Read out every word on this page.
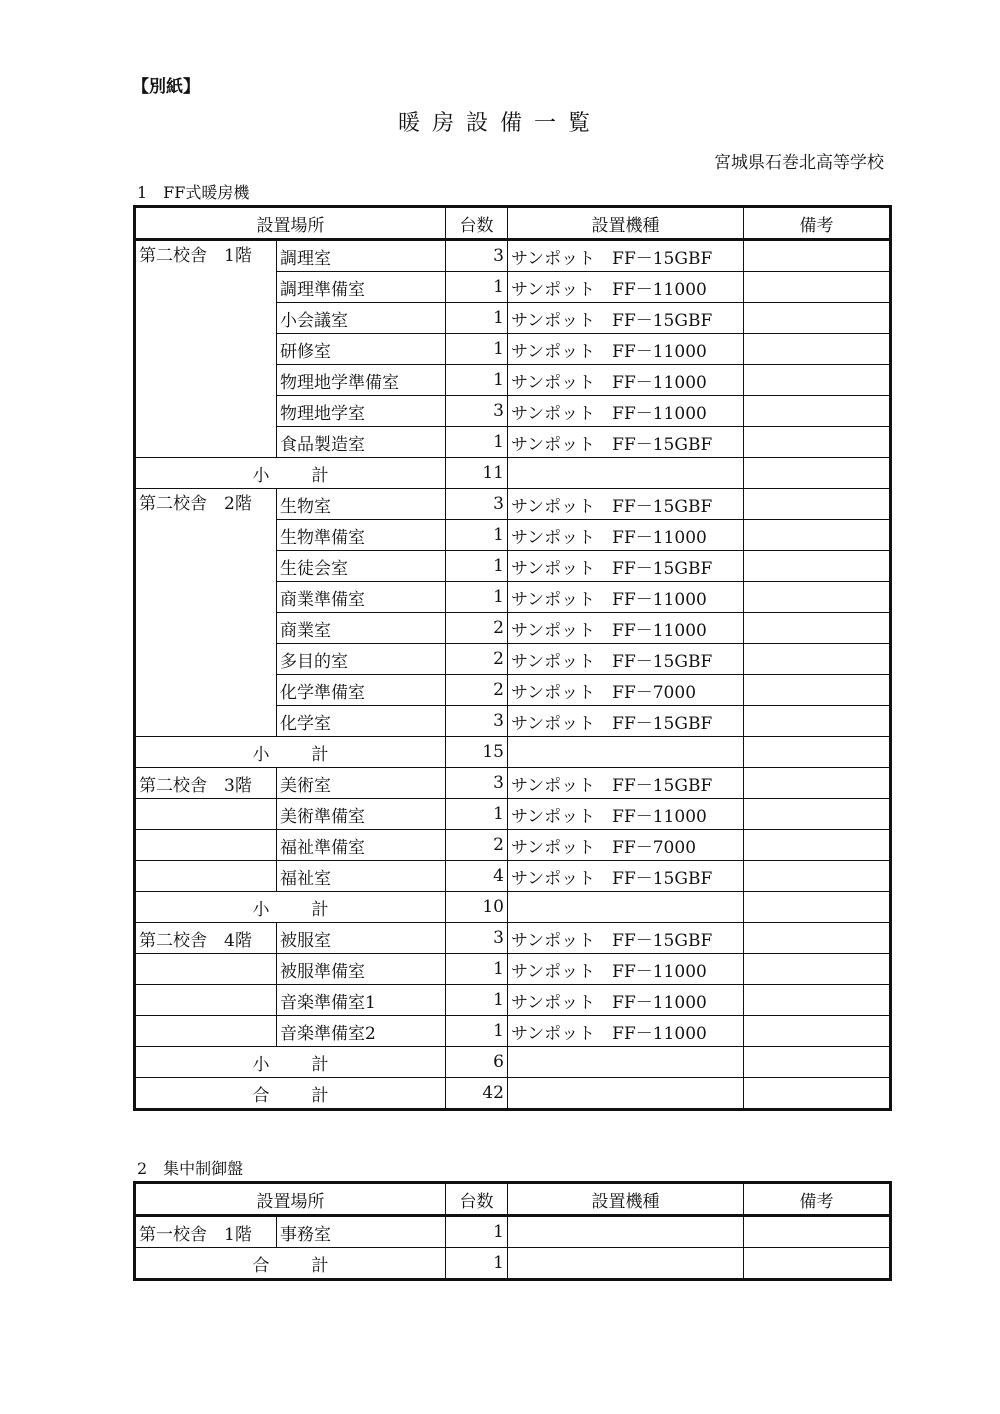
【別紙】
暖房設備一覧
宮城県石巻北高等学校
1　FF式暖房機
設置場所		台数	設置機種	備考
第二校舎　1階	調理室	3	サンポット　FF－15GBF	
	調理準備室	1	サンポット　FF－11000	
	小会議室	1	サンポット　FF－15GBF	
	研修室	1	サンポット　FF－11000	
	物理地学準備室	1	サンポット　FF－11000	
	物理地学室	3	サンポット　FF－11000	
	食品製造室	1	サンポット　FF－15GBF	
小 計		11		
第二校舎　2階	生物室	3	サンポット　FF－15GBF	
	生物準備室	1	サンポット　FF－11000	
	生徒会室	1	サンポット　FF－15GBF	
	商業準備室	1	サンポット　FF－11000	
	商業室	2	サンポット　FF－11000	
	多目的室	2	サンポット　FF－15GBF	
	化学準備室	2	サンポット　FF－7000	
	化学室	3	サンポット　FF－15GBF	
小 計		15		
第二校舎　3階	美術室	3	サンポット　FF－15GBF	
	美術準備室	1	サンポット　FF－11000	
	福祉準備室	2	サンポット　FF－7000	
	福祉室	4	サンポット　FF－15GBF	
小 計		10		
第二校舎　4階	被服室	3	サンポット　FF－15GBF	
	被服準備室	1	サンポット　FF－11000	
	音楽準備室1	1	サンポット　FF－11000	
	音楽準備室2	1	サンポット　FF－11000	
小 計		6		
合 計		42		
2　集中制御盤
設置場所		台数	設置機種	備考
第一校舎　1階	事務室	1		
合 計		1		
